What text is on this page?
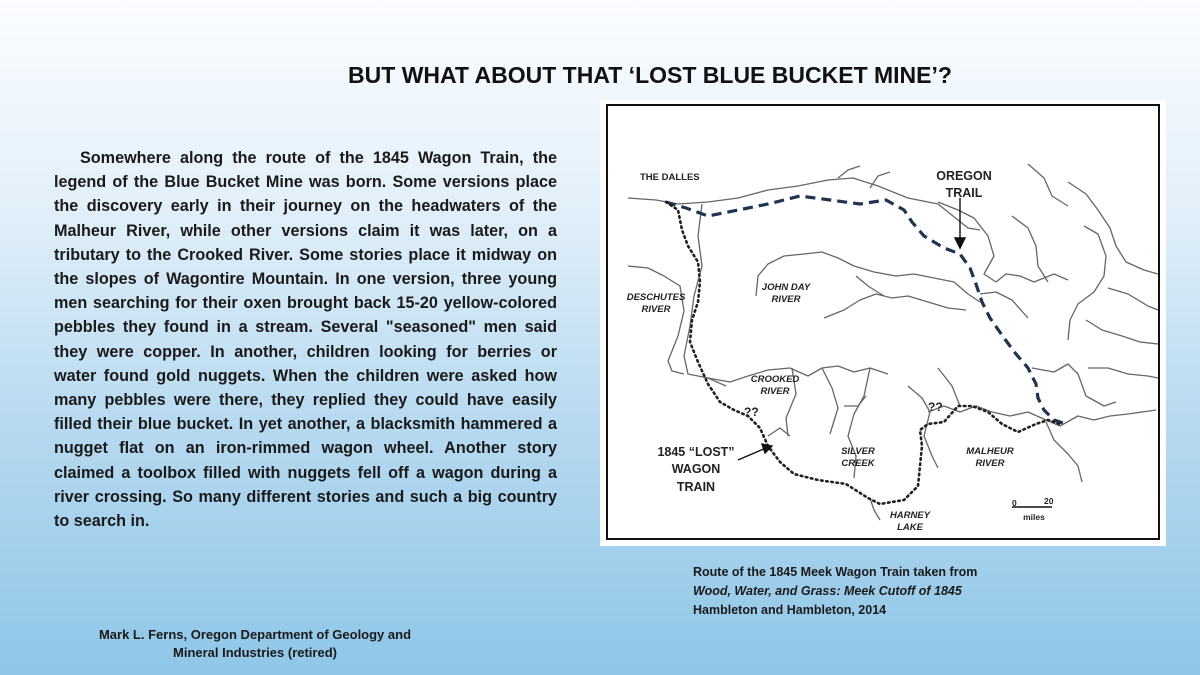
BUT WHAT ABOUT THAT ‘LOST BLUE BUCKET MINE’?

Somewhere along the route of the 1845 Wagon Train, the legend of the Blue Bucket Mine was born. Some versions place the discovery early in their journey on the headwaters of the Malheur River, while other versions claim it was later, on a tributary to the Crooked River. Some stories place it midway on the slopes of Wagontire Mountain. In one version, three young men searching for their oxen brought back 15-20 yellow-colored pebbles they found in a stream. Several "seasoned" men said they were copper. In another, children looking for berries or water found gold nuggets. When the children were asked how many pebbles were there, they replied they could have easily filled their blue bucket. In yet another, a blacksmith hammered a nugget flat on an iron-rimmed wagon wheel. Another story claimed a toolbox filled with nuggets fell off a wagon during a river crossing. So many different stories and such a big country to search in.

THE DALLES	OREGON
TRAIL
DESCHUTES
RIVER
JOHN DAY
RIVER
CROOKED
RIVER
??	??
1845 “LOST”
WAGON
TRAIN
SILVER
CREEK
MALHEUR
RIVER
HARNEY
LAKE
0	20
miles
Route of the 1845 Meek Wagon Train taken from
Wood, Water, and Grass: Meek Cutoff of 1845
Hambleton and Hambleton, 2014
Mark L. Ferns, Oregon Department of Geology and
Mineral Industries (retired)
